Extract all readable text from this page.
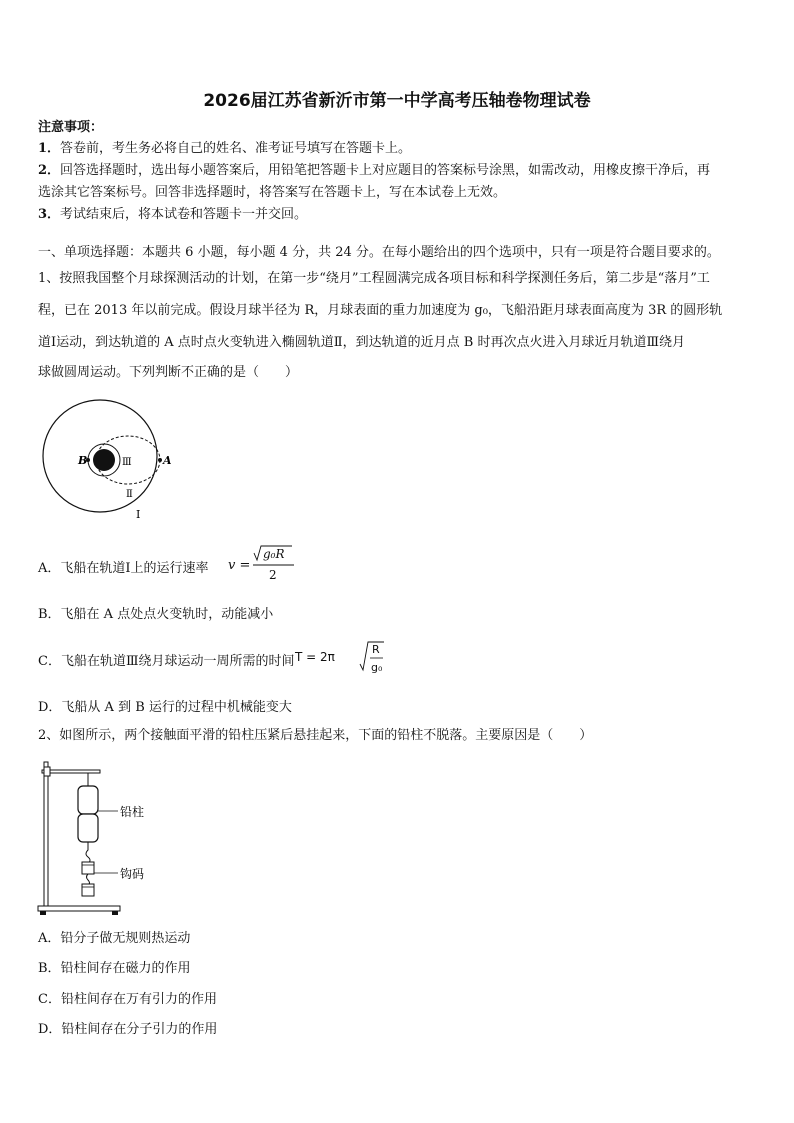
2026届江苏省新沂市第一中学高考压轴卷物理试卷
注意事项：
1．答卷前，考生务必将自己的姓名、准考证号填写在答题卡上。
2．回答选择题时，选出每小题答案后，用铅笔把答题卡上对应题目的答案标号涂黑，如需改动，用橡皮擦干净后，再
选涂其它答案标号。回答非选择题时，将答案写在答题卡上，写在本试卷上无效。
3．考试结束后，将本试卷和答题卡一并交回。
一、单项选择题：本题共 6 小题，每小题 4 分，共 24 分。在每小题给出的四个选项中，只有一项是符合题目要求的。
1、按照我国整个月球探测活动的计划，在第一步“绕月”工程圆满完成各项目标和科学探测任务后，第二步是“落月”工
程，已在 2013 年以前完成。假设月球半径为 R，月球表面的重力加速度为 g₀，飞船沿距月球表面高度为 3R 的圆形轨
道Ⅰ运动，到达轨道的 A 点时点火变轨进入椭圆轨道Ⅱ，到达轨道的近月点 B 时再次点火进入月球近月轨道Ⅲ绕月
球做圆周运动。下列判断不正确的是（　　）
B	A
Ⅲ
Ⅱ
Ⅰ
A．飞船在轨道Ⅰ上的运行速率 v =
g₀R
2
B．飞船在 A 点处点火变轨时，动能减小
C．飞船在轨道Ⅲ绕月球运动一周所需的时间 T = 2π
R
g₀
D．飞船从 A 到 B 运行的过程中机械能变大
2、如图所示，两个接触面平滑的铅柱压紧后悬挂起来，下面的铅柱不脱落。主要原因是（　　）
铅柱
钩码
A．铅分子做无规则热运动
B．铅柱间存在磁力的作用
C．铅柱间存在万有引力的作用
D．铅柱间存在分子引力的作用
